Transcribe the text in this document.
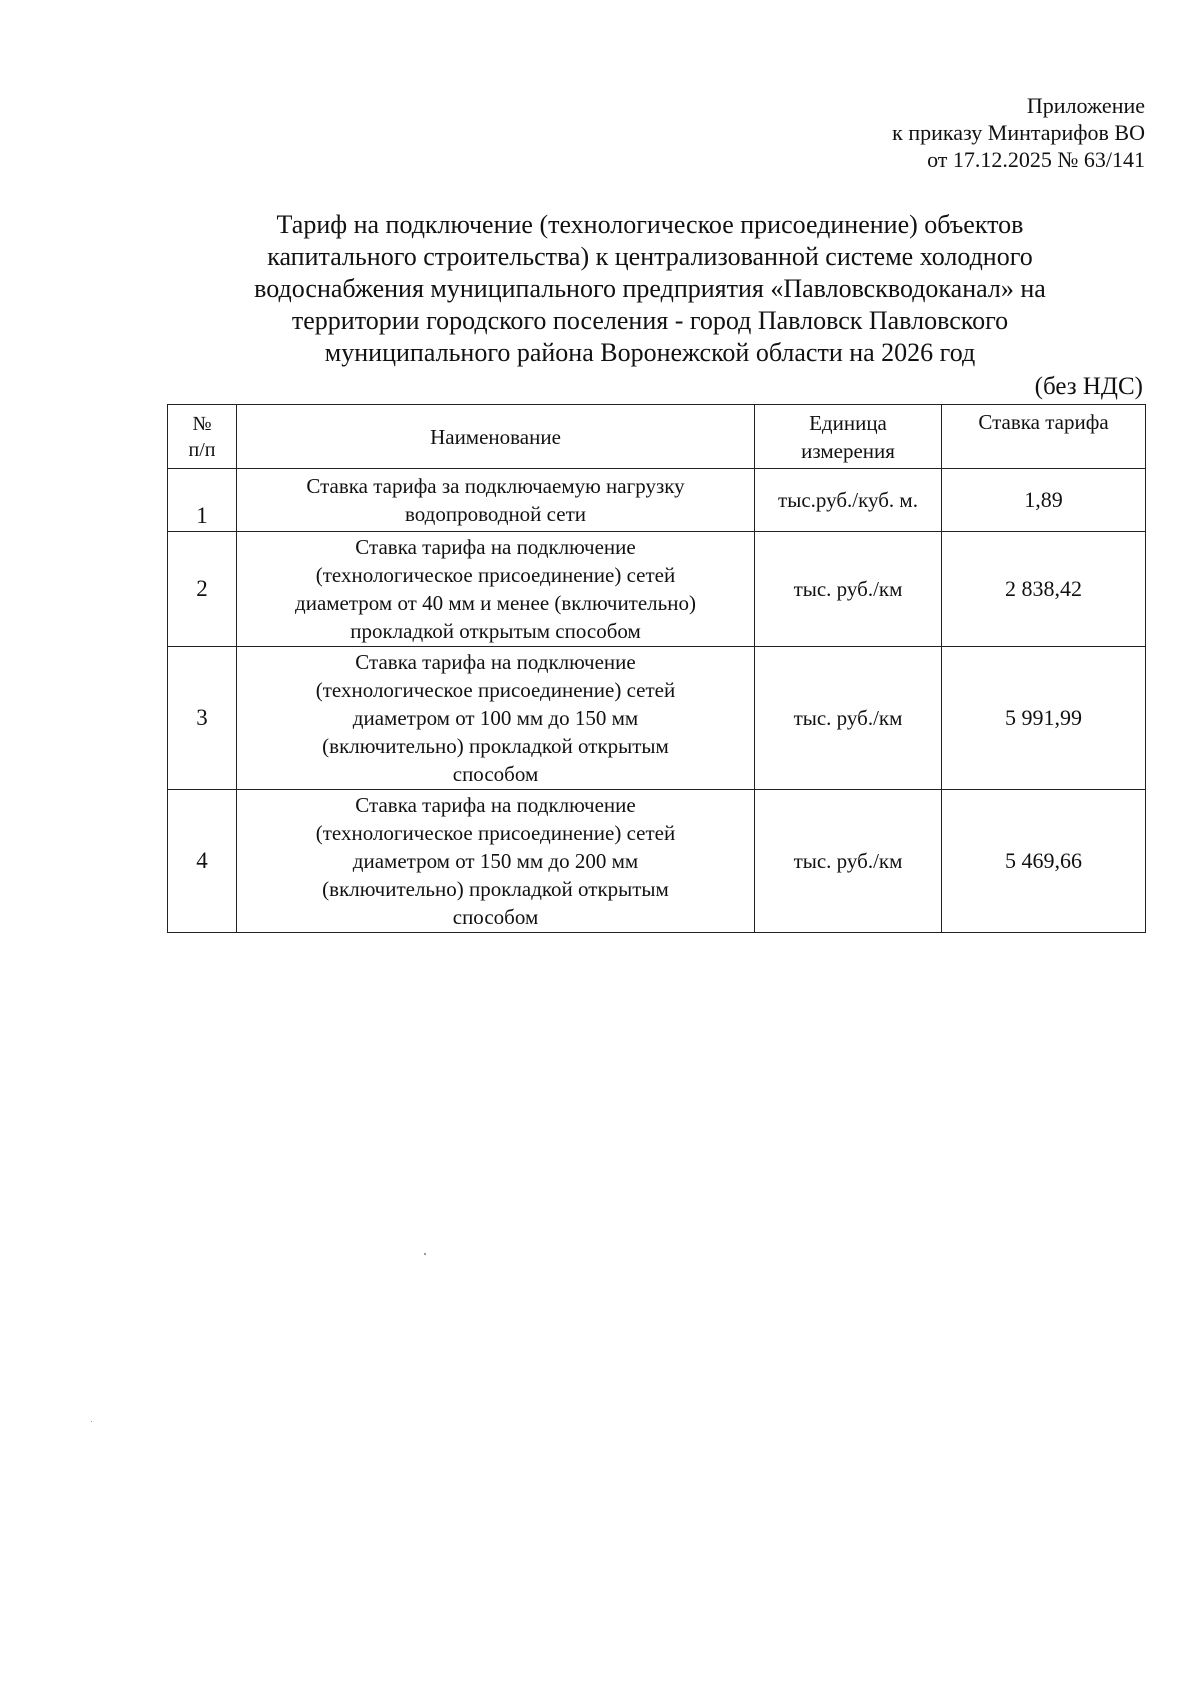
Приложение
к приказу Минтарифов ВО
от 17.12.2025 № 63/141
Тариф на подключение (технологическое присоединение) объектов
капитального строительства) к централизованной системе холодного
водоснабжения муниципального предприятия «Павловскводоканал» на
территории городского поселения - город Павловск Павловского
муниципального района Воронежской области на 2026 год
(без НДС)
№
п/п	Наименование	Единица
измерения	Ставка тарифа
1	Ставка тарифа за подключаемую нагрузку
водопроводной сети	тыс.руб./куб. м.	1,89
2	Ставка тарифа на подключение
(технологическое присоединение) сетей
диаметром от 40 мм и менее (включительно)
прокладкой открытым способом	тыс. руб./км	2 838,42
3	Ставка тарифа на подключение
(технологическое присоединение) сетей
диаметром от 100 мм до 150 мм
(включительно) прокладкой открытым
способом	тыс. руб./км	5 991,99
4	Ставка тарифа на подключение
(технологическое присоединение) сетей
диаметром от 150 мм до 200 мм
(включительно) прокладкой открытым
способом	тыс. руб./км	5 469,66
